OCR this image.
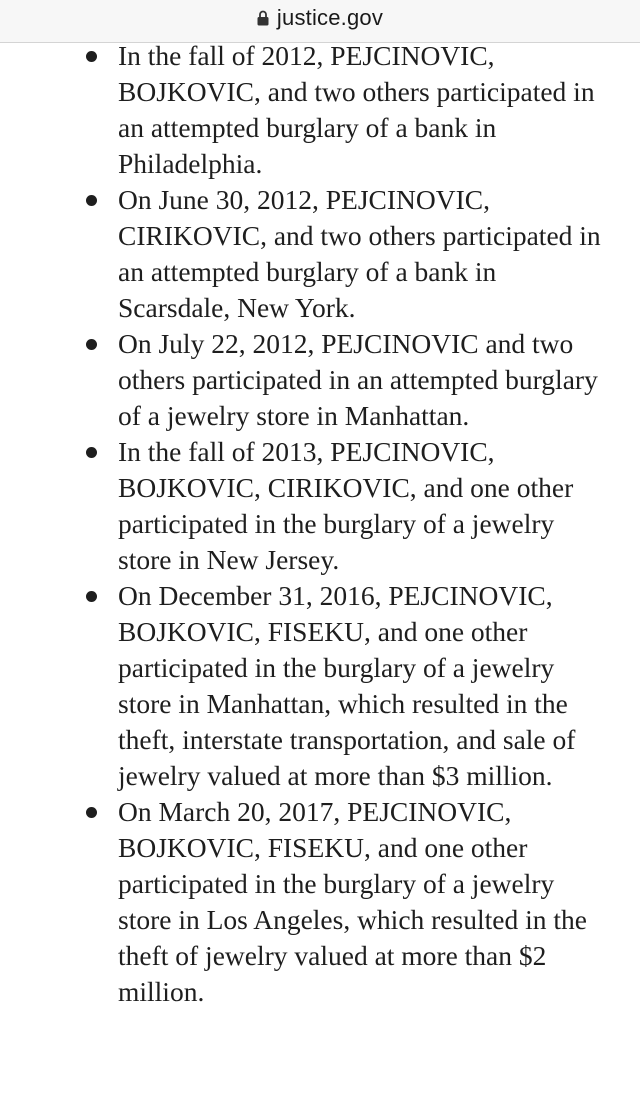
justice.gov
In the fall of 2012, PEJCINOVIC, BOJKOVIC, and two others participated in an attempted burglary of a bank in Philadelphia.
On June 30, 2012, PEJCINOVIC, CIRIKOVIC, and two others participated in an attempted burglary of a bank in Scarsdale, New York.
On July 22, 2012, PEJCINOVIC and two others participated in an attempted burglary of a jewelry store in Manhattan.
In the fall of 2013, PEJCINOVIC, BOJKOVIC, CIRIKOVIC, and one other participated in the burglary of a jewelry store in New Jersey.
On December 31, 2016, PEJCINOVIC, BOJKOVIC, FISEKU, and one other participated in the burglary of a jewelry store in Manhattan, which resulted in the theft, interstate transportation, and sale of jewelry valued at more than $3 million.
On March 20, 2017, PEJCINOVIC, BOJKOVIC, FISEKU, and one other participated in the burglary of a jewelry store in Los Angeles, which resulted in the theft of jewelry valued at more than $2 million.
